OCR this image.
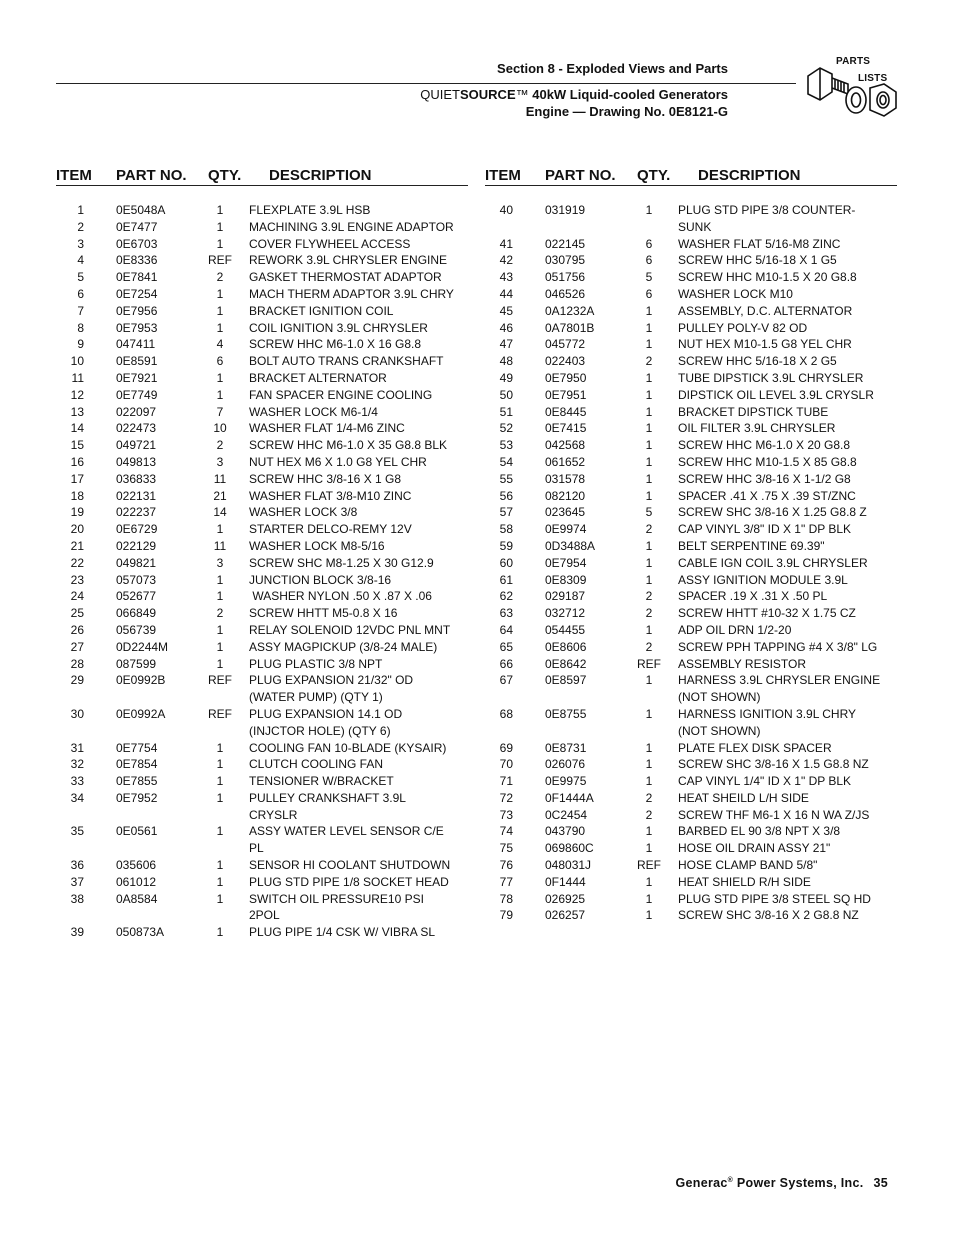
Section 8 - Exploded Views and Parts
QUIETSOURCE™ 40kW Liquid-cooled Generators
Engine — Drawing No. 0E8121-G
PARTS
LISTS
ITEM	PART NO.	QTY.	DESCRIPTION
1	0E5048A	1	FLEXPLATE 3.9L HSB
2	0E7477	1	MACHINING 3.9L ENGINE ADAPTOR
3	0E6703	1	COVER FLYWHEEL ACCESS
4	0E8336	REF	REWORK 3.9L CHRYSLER ENGINE
5	0E7841	2	GASKET THERMOSTAT ADAPTOR
6	0E7254	1	MACH THERM ADAPTOR 3.9L CHRY
7	0E7956	1	BRACKET IGNITION COIL
8	0E7953	1	COIL IGNITION 3.9L CHRYSLER
9	047411	4	SCREW HHC M6-1.0 X 16 G8.8
10	0E8591	6	BOLT AUTO TRANS CRANKSHAFT
11	0E7921	1	BRACKET ALTERNATOR
12	0E7749	1	FAN SPACER ENGINE COOLING
13	022097	7	WASHER LOCK M6-1/4
14	022473	10	WASHER FLAT 1/4-M6 ZINC
15	049721	2	SCREW HHC M6-1.0 X 35 G8.8 BLK
16	049813	3	NUT HEX M6 X 1.0 G8 YEL CHR
17	036833	11	SCREW HHC 3/8-16 X 1 G8
18	022131	21	WASHER FLAT 3/8-M10 ZINC
19	022237	14	WASHER LOCK 3/8
20	0E6729	1	STARTER DELCO-REMY 12V
21	022129	11	WASHER LOCK M8-5/16
22	049821	3	SCREW SHC M8-1.25 X 30 G12.9
23	057073	1	JUNCTION BLOCK 3/8-16
24	052677	1	WASHER NYLON .50 X .87 X .06
25	066849	2	SCREW HHTT M5-0.8 X 16
26	056739	1	RELAY SOLENOID 12VDC PNL MNT
27	0D2244M	1	ASSY MAGPICKUP (3/8-24 MALE)
28	087599	1	PLUG PLASTIC 3/8 NPT
29	0E0992B	REF	PLUG EXPANSION 21/32" OD
(WATER PUMP) (QTY 1)
30	0E0992A	REF	PLUG EXPANSION 14.1 OD
(INJCTOR HOLE) (QTY 6)
31	0E7754	1	COOLING FAN 10-BLADE (KYSAIR)
32	0E7854	1	CLUTCH COOLING FAN
33	0E7855	1	TENSIONER W/BRACKET
34	0E7952	1	PULLEY CRANKSHAFT 3.9L
CRYSLR
35	0E0561	1	ASSY WATER LEVEL SENSOR C/E
PL
36	035606	1	SENSOR HI COOLANT SHUTDOWN
37	061012	1	PLUG STD PIPE 1/8 SOCKET HEAD
38	0A8584	1	SWITCH OIL PRESSURE10 PSI
2POL
39	050873A	1	PLUG PIPE 1/4 CSK W/ VIBRA SL
ITEM	PART NO.	QTY.	DESCRIPTION
40	031919	1	PLUG STD PIPE 3/8 COUNTER-
SUNK
41	022145	6	WASHER FLAT 5/16-M8 ZINC
42	030795	6	SCREW HHC 5/16-18 X 1 G5
43	051756	5	SCREW HHC M10-1.5 X 20 G8.8
44	046526	6	WASHER LOCK M10
45	0A1232A	1	ASSEMBLY, D.C. ALTERNATOR
46	0A7801B	1	PULLEY POLY-V 82 OD
47	045772	1	NUT HEX M10-1.5 G8 YEL CHR
48	022403	2	SCREW HHC 5/16-18 X 2 G5
49	0E7950	1	TUBE DIPSTICK 3.9L CHRYSLER
50	0E7951	1	DIPSTICK OIL LEVEL 3.9L CRYSLR
51	0E8445	1	BRACKET DIPSTICK TUBE
52	0E7415	1	OIL FILTER 3.9L CHRYSLER
53	042568	1	SCREW HHC M6-1.0 X 20 G8.8
54	061652	1	SCREW HHC M10-1.5 X 85 G8.8
55	031578	1	SCREW HHC 3/8-16 X 1-1/2 G8
56	082120	1	SPACER .41 X .75 X .39 ST/ZNC
57	023645	5	SCREW SHC 3/8-16 X 1.25 G8.8 Z
58	0E9974	2	CAP VINYL 3/8" ID X 1" DP BLK
59	0D3488A	1	BELT SERPENTINE 69.39"
60	0E7954	1	CABLE IGN COIL 3.9L CHRYSLER
61	0E8309	1	ASSY IGNITION MODULE 3.9L
62	029187	2	SPACER .19 X .31 X .50 PL
63	032712	2	SCREW HHTT #10-32 X 1.75 CZ
64	054455	1	ADP OIL DRN 1/2-20
65	0E8606	2	SCREW PPH TAPPING #4 X 3/8" LG
66	0E8642	REF	ASSEMBLY RESISTOR
67	0E8597	1	HARNESS 3.9L CHRYSLER ENGINE
(NOT SHOWN)
68	0E8755	1	HARNESS IGNITION 3.9L CHRY
(NOT SHOWN)
69	0E8731	1	PLATE FLEX DISK SPACER
70	026076	1	SCREW SHC 3/8-16 X 1.5 G8.8 NZ
71	0E9975	1	CAP VINYL 1/4" ID X 1" DP BLK
72	0F1444A	2	HEAT SHEILD L/H SIDE
73	0C2454	2	SCREW THF M6-1 X 16 N WA Z/JS
74	043790	1	BARBED EL 90 3/8 NPT X 3/8
75	069860C	1	HOSE OIL DRAIN ASSY 21"
76	048031J	REF	HOSE CLAMP BAND 5/8"
77	0F1444	1	HEAT SHIELD R/H SIDE
78	026925	1	PLUG STD PIPE 3/8 STEEL SQ HD
79	026257	1	SCREW SHC 3/8-16 X 2 G8.8 NZ
Generac® Power Systems, Inc. 35
